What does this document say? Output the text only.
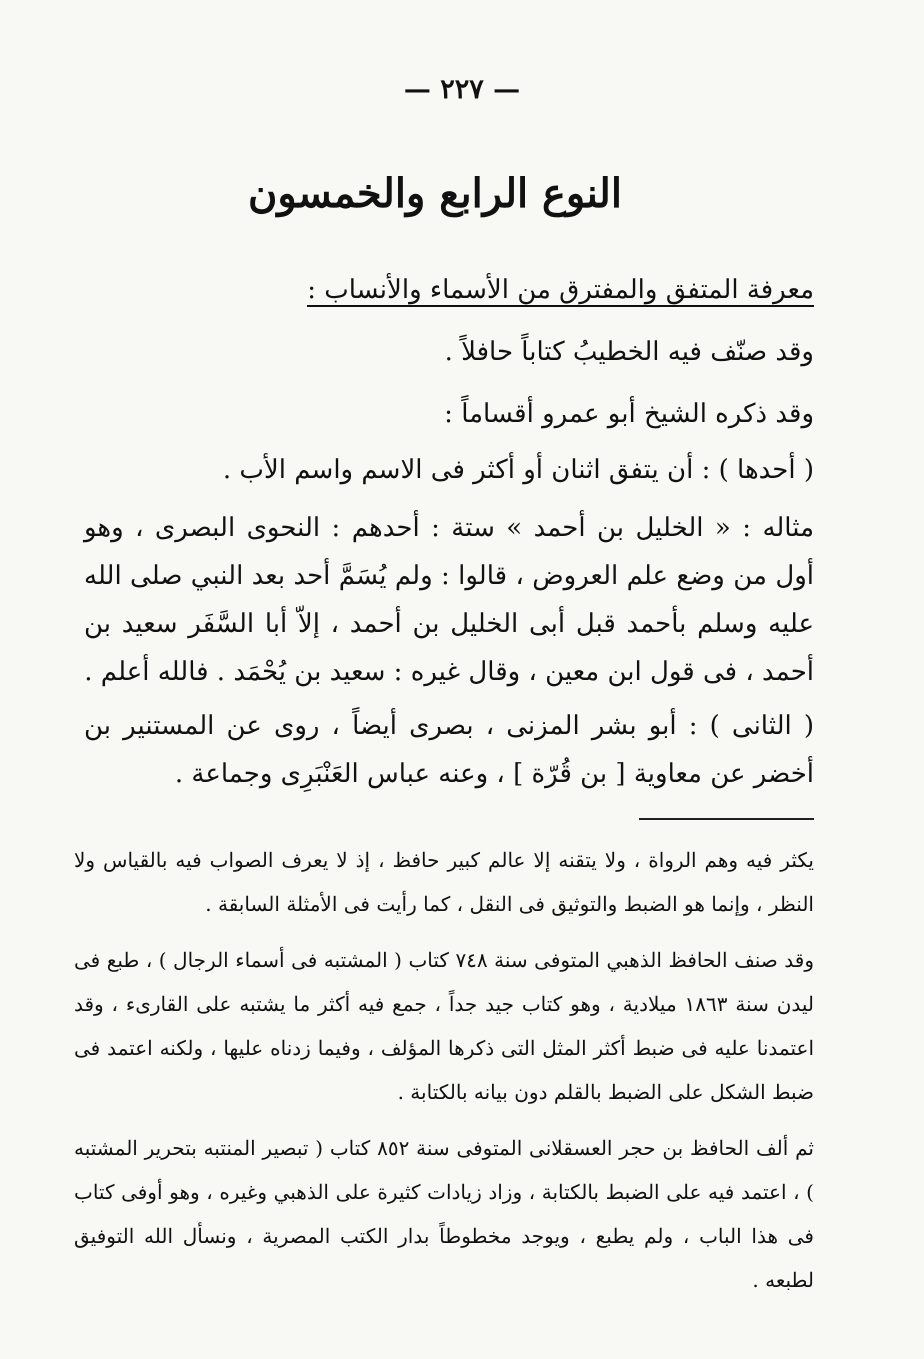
— ٢٢٧ —
النوع الرابع والخمسون

معرفة المتفق والمفترق من الأسماء والأنساب :

وقد صنّف فيه الخطيبُ كتاباً حافلاً .

وقد ذكره الشيخ أبو عمرو أقساماً :

( أحدها ) : أن يتفق اثنان أو أكثر فى الاسم واسم الأب .

مثاله : « الخليل بن أحمد » ستة : أحدهم : النحوى البصرى ، وهو أول من وضع علم العروض ، قالوا : ولم يُسَمَّ أحد بعد النبي صلى الله عليه وسلم بأحمد قبل أبى الخليل بن أحمد ، إلاّ أبا السَّفَر سعيد بن أحمد ، فى قول ابن معين ، وقال غيره : سعيد بن يُحْمَد . فالله أعلم .

( الثانى ) : أبو بشر المزنى ، بصرى أيضاً ، روى عن المستنير بن أخضر عن معاوية [ بن قُرّة ] ، وعنه عباس العَنْبَرِى وجماعة .

يكثر فيه وهم الرواة ، ولا يتقنه إلا عالم كبير حافظ ، إذ لا يعرف الصواب فيه بالقياس ولا النظر ، وإنما هو الضبط والتوثيق فى النقل ، كما رأيت فى الأمثلة السابقة .

وقد صنف الحافظ الذهبي المتوفى سنة ٧٤٨ كتاب ( المشتبه فى أسماء الرجال ) ، طبع فى ليدن سنة ١٨٦٣ ميلادية ، وهو كتاب جيد جداً ، جمع فيه أكثر ما يشتبه على القارىء ، وقد اعتمدنا عليه فى ضبط أكثر المثل التى ذكرها المؤلف ، وفيما زدناه عليها ، ولكنه اعتمد فى ضبط الشكل على الضبط بالقلم دون بيانه بالكتابة .

ثم ألف الحافظ بن حجر العسقلانى المتوفى سنة ٨٥٢ كتاب ( تبصير المنتبه بتحرير المشتبه ) ، اعتمد فيه على الضبط بالكتابة ، وزاد زيادات كثيرة على الذهبي وغيره ، وهو أوفى كتاب فى هذا الباب ، ولم يطبع ، ويوجد مخطوطاً بدار الكتب المصرية ، ونسأل الله التوفيق لطبعه .
